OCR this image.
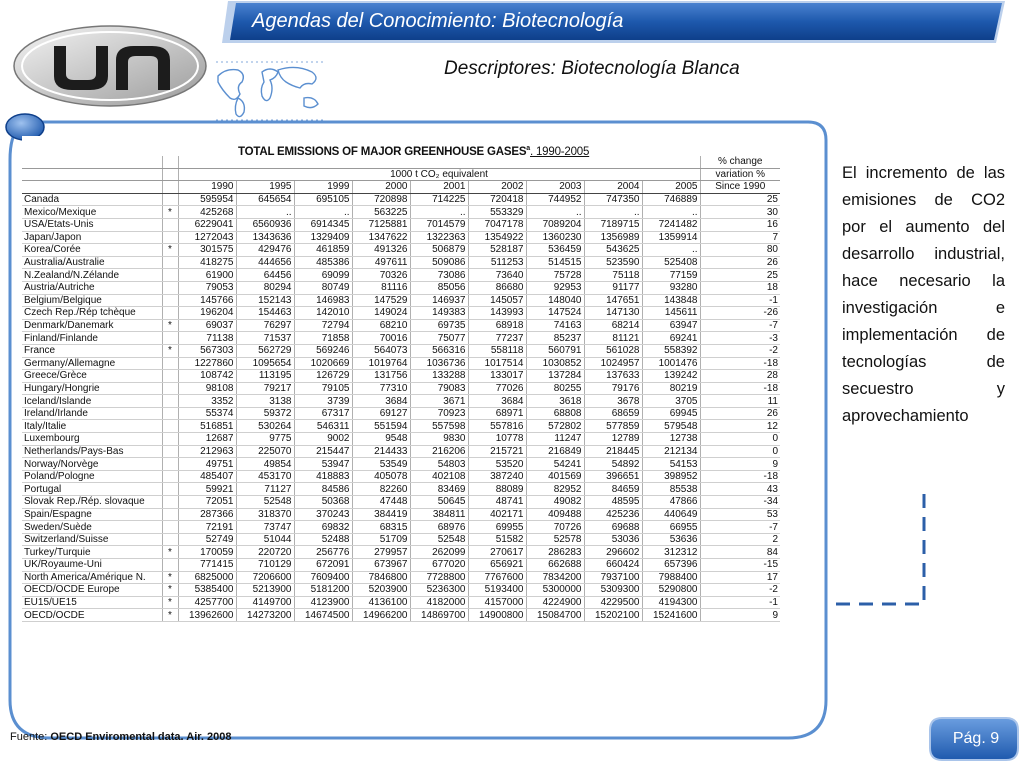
Agendas del Conocimiento: Biotecnología
Descriptores: Biotecnología Blanca
TOTAL EMISSIONS OF MAJOR GREENHOUSE GASES$^a$. 1990-2005
											% change
		1000 t CO₂ equivalent									variation %
		1990	1995	1999	2000	2001	2002	2003	2004	2005	Since 1990
Canada		595954	645654	695105	720898	714225	720418	744952	747350	746889	25
Mexico/Mexique	*	425268	..	..	563225	..	553329	..	..	..	30
USA/Etats-Unis		6229041	6560936	6914345	7125881	7014579	7047178	7089204	7189715	7241482	16
Japan/Japon		1272043	1343636	1329409	1347622	1322363	1354922	1360230	1356989	1359914	7
Korea/Corée	*	301575	429476	461859	491326	506879	528187	536459	543625	..	80
Australia/Australie		418275	444656	485386	497611	509086	511253	514515	523590	525408	26
N.Zealand/N.Zélande		61900	64456	69099	70326	73086	73640	75728	75118	77159	25
Austria/Autriche		79053	80294	80749	81116	85056	86680	92953	91177	93280	18
Belgium/Belgique		145766	152143	146983	147529	146937	145057	148040	147651	143848	-1
Czech Rep./Rép tchèque		196204	154463	142010	149024	149383	143993	147524	147130	145611	-26
Denmark/Danemark	*	69037	76297	72794	68210	69735	68918	74163	68214	63947	-7
Finland/Finlande		71138	71537	71858	70016	75077	77237	85237	81121	69241	-3
France	*	567303	562729	569246	564073	566316	558118	560791	561028	558392	-2
Germany/Allemagne		1227860	1095654	1020669	1019764	1036736	1017514	1030852	1024957	1001476	-18
Greece/Grèce		108742	113195	126729	131756	133288	133017	137284	137633	139242	28
Hungary/Hongrie		98108	79217	79105	77310	79083	77026	80255	79176	80219	-18
Iceland/Islande		3352	3138	3739	3684	3671	3684	3618	3678	3705	11
Ireland/Irlande		55374	59372	67317	69127	70923	68971	68808	68659	69945	26
Italy/Italie		516851	530264	546311	551594	557598	557816	572802	577859	579548	12
Luxembourg		12687	9775	9002	9548	9830	10778	11247	12789	12738	0
Netherlands/Pays-Bas		212963	225070	215447	214433	216206	215721	216849	218445	212134	0
Norway/Norvège		49751	49854	53947	53549	54803	53520	54241	54892	54153	9
Poland/Pologne		485407	453170	418883	405078	402108	387240	401569	396651	398952	-18
Portugal		59921	71127	84586	82260	83469	88089	82952	84659	85538	43
Slovak Rep./Rép. slovaque		72051	52548	50368	47448	50645	48741	49082	48595	47866	-34
Spain/Espagne		287366	318370	370243	384419	384811	402171	409488	425236	440649	53
Sweden/Suède		72191	73747	69832	68315	68976	69955	70726	69688	66955	-7
Switzerland/Suisse		52749	51044	52488	51709	52548	51582	52578	53036	53636	2
Turkey/Turquie	*	170059	220720	256776	279957	262099	270617	286283	296602	312312	84
UK/Royaume-Uni		771415	710129	672091	673967	677020	656921	662688	660424	657396	-15
North America/Amérique N.	*	6825000	7206600	7609400	7846800	7728800	7767600	7834200	7937100	7988400	17
OECD/OCDE Europe	*	5385400	5213900	5181200	5203900	5236300	5193400	5300000	5309300	5290800	-2
EU15/UE15	*	4257700	4149700	4123900	4136100	4182000	4157000	4224900	4229500	4194300	-1
OECD/OCDE	*	13962600	14273200	14674500	14966200	14869700	14900800	15084700	15202100	15241600	9
El incremento de las emisiones de CO2 por el aumento del desarrollo industrial, hace necesario la investigación e implementación de tecnologías de secuestro y aprovechamiento
Fuente: OECD Enviromental data. Air. 2008	Pág. 9
